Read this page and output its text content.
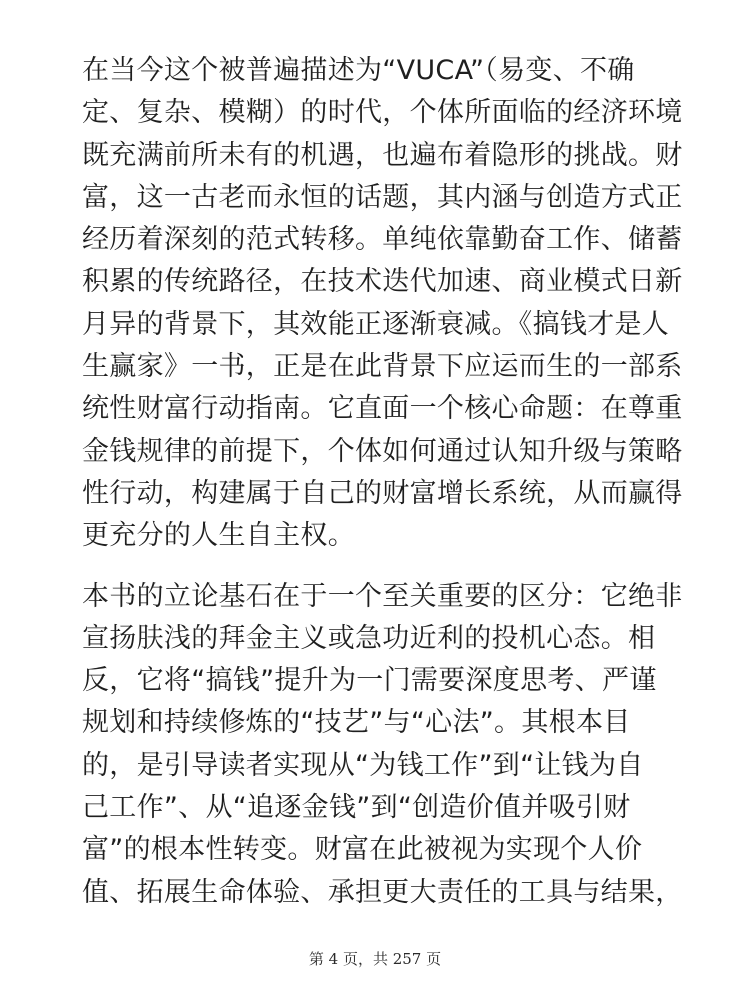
在当今这个被普遍描述为“VUCA”（易变、不确
定、复杂、模糊）的时代，个体所面临的经济环境
既充满前所未有的机遇，也遍布着隐形的挑战。财
富，这一古老而永恒的话题，其内涵与创造方式正
经历着深刻的范式转移。单纯依靠勤奋工作、储蓄
积累的传统路径，在技术迭代加速、商业模式日新
月异的背景下，其效能正逐渐衰减。《搞钱才是人
生赢家》一书，正是在此背景下应运而生的一部系
统性财富行动指南。它直面一个核心命题：在尊重
金钱规律的前提下，个体如何通过认知升级与策略
性行动，构建属于自己的财富增长系统，从而赢得
更充分的人生自主权。

本书的立论基石在于一个至关重要的区分：它绝非
宣扬肤浅的拜金主义或急功近利的投机心态。相
反，它将“搞钱”提升为一门需要深度思考、严谨
规划和持续修炼的“技艺”与“心法”。其根本目
的，是引导读者实现从“为钱工作”到“让钱为自
己工作”、从“追逐金钱”到“创造价值并吸引财
富”的根本性转变。财富在此被视为实现个人价
值、拓展生命体验、承担更大责任的工具与结果，

第 4 页，共 257 页
